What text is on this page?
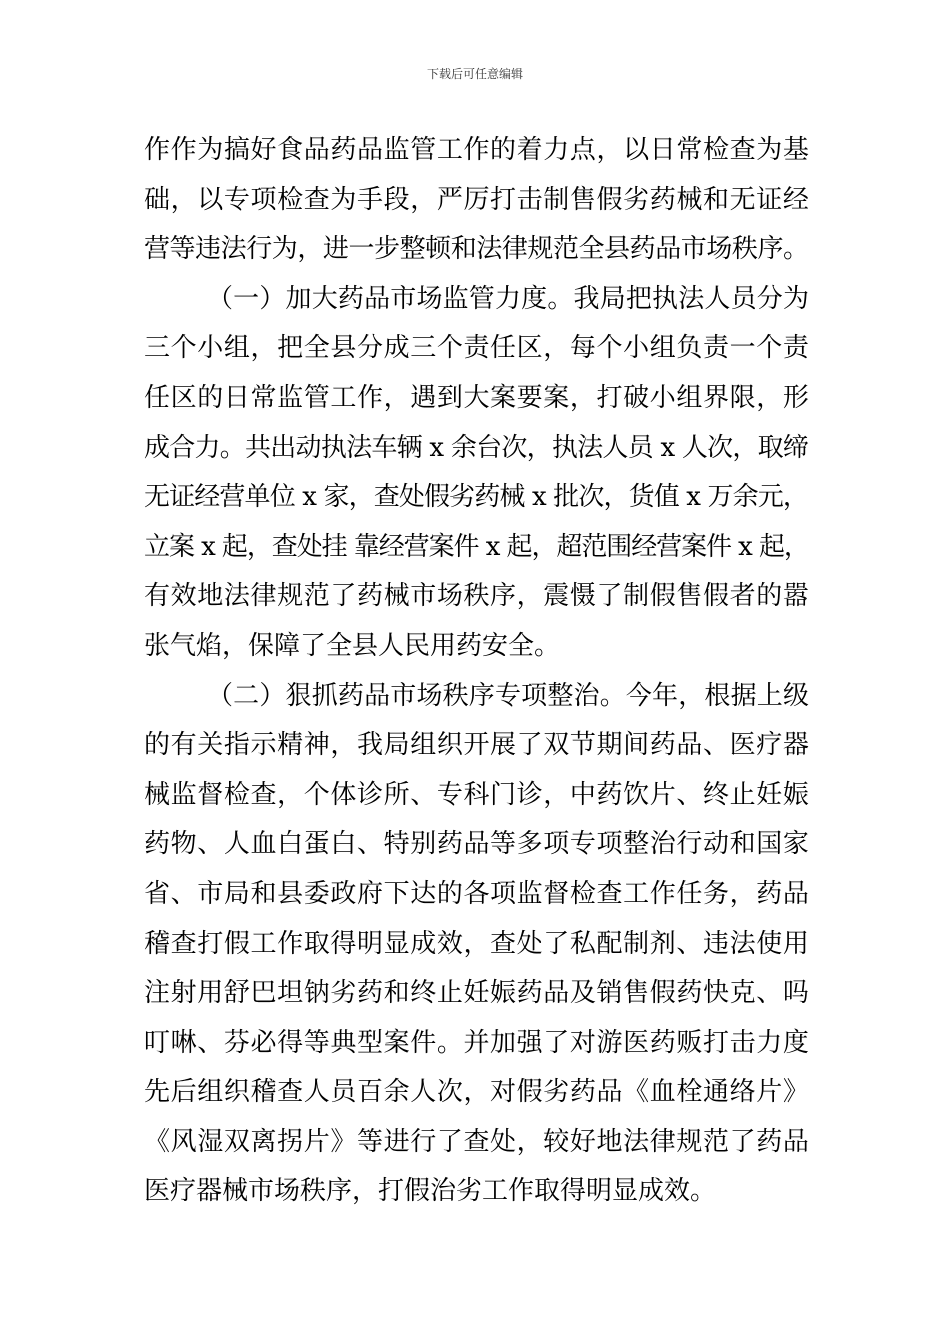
下载后可任意编辑
作作为搞好食品药品监管工作的着力点，以日常检查为基
础，以专项检查为手段，严厉打击制售假劣药械和无证经
营等违法行为，进一步整顿和法律规范全县药品市场秩序。
（一）加大药品市场监管力度。我局把执法人员分为
三个小组，把全县分成三个责任区，每个小组负责一个责
任区的日常监管工作，遇到大案要案，打破小组界限，形
成合力。共出动执法车辆 x 余台次，执法人员 x 人次，取缔
无证经营单位 x 家，查处假劣药械 x 批次，货值 x 万余元，
立案 x 起，查处挂 靠经营案件 x 起，超范围经营案件 x 起，
有效地法律规范了药械市场秩序，震慑了制假售假者的嚣
张气焰，保障了全县人民用药安全。
（二）狠抓药品市场秩序专项整治。今年，根据上级
的有关指示精神，我局组织开展了双节期间药品、医疗器
械监督检查，个体诊所、专科门诊，中药饮片、终止妊娠
药物、人血白蛋白、特别药品等多项专项整治行动和国家
省、市局和县委政府下达的各项监督检查工作任务，药品
稽查打假工作取得明显成效，查处了私配制剂、违法使用
注射用舒巴坦钠劣药和终止妊娠药品及销售假药快克、吗
叮啉、芬必得等典型案件。并加强了对游医药贩打击力度
先后组织稽查人员百余人次，对假劣药品《血栓通络片》
《风湿双离拐片》等进行了查处，较好地法律规范了药品
医疗器械市场秩序，打假治劣工作取得明显成效。
